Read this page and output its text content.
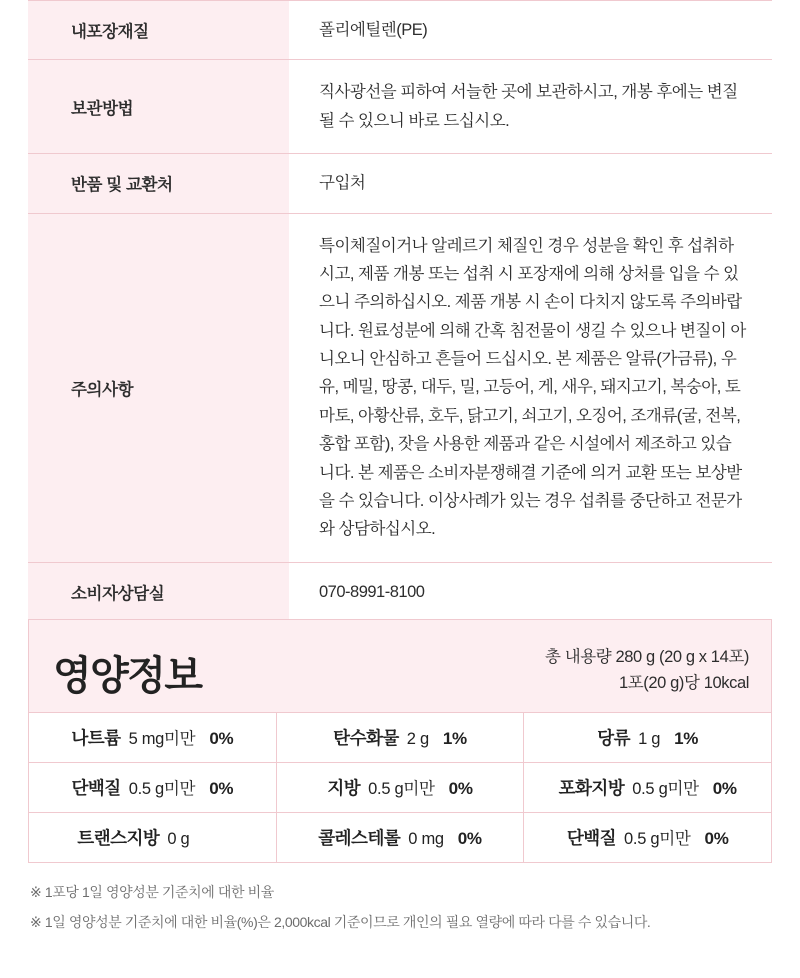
내포장재질	폴리에틸렌(PE)
보관방법	직사광선을 피하여 서늘한 곳에 보관하시고, 개봉 후에는 변질될 수 있으니 바로 드십시오.
반품 및 교환처	구입처
주의사항	특이체질이거나 알레르기 체질인 경우 성분을 확인 후 섭취하시고, 제품 개봉 또는 섭취 시 포장재에 의해 상처를 입을 수 있으니 주의하십시오. 제품 개봉 시 손이 다치지 않도록 주의바랍니다. 원료성분에 의해 간혹 침전물이 생길 수 있으나 변질이 아니오니 안심하고 흔들어 드십시오. 본 제품은 알류(가금류), 우유, 메밀, 땅콩, 대두, 밀, 고등어, 게, 새우, 돼지고기, 복숭아, 토마토, 아황산류, 호두, 닭고기, 쇠고기, 오징어, 조개류(굴, 전복, 홍합 포함), 잣을 사용한 제품과 같은 시설에서 제조하고 있습니다. 본 제품은 소비자분쟁해결 기준에 의거 교환 또는 보상받을 수 있습니다. 이상사례가 있는 경우 섭취를 중단하고 전문가와 상담하십시오.
소비자상담실	070-8991-8100
영양정보	총 내용량 280 g (20 g x 14포)
1포(20 g)당 10kcal
나트륨 5 mg미만 0%	탄수화물 2 g 1%	당류 1 g 1%
단백질 0.5 g미만 0%	지방 0.5 g미만 0%	포화지방 0.5 g미만 0%
트랜스지방 0 g	콜레스테롤 0 mg 0%	단백질 0.5 g미만 0%
※ 1포당 1일 영양성분 기준치에 대한 비율
※ 1일 영양성분 기준치에 대한 비율(%)은 2,000kcal 기준이므로 개인의 필요 열량에 따라 다를 수 있습니다.
